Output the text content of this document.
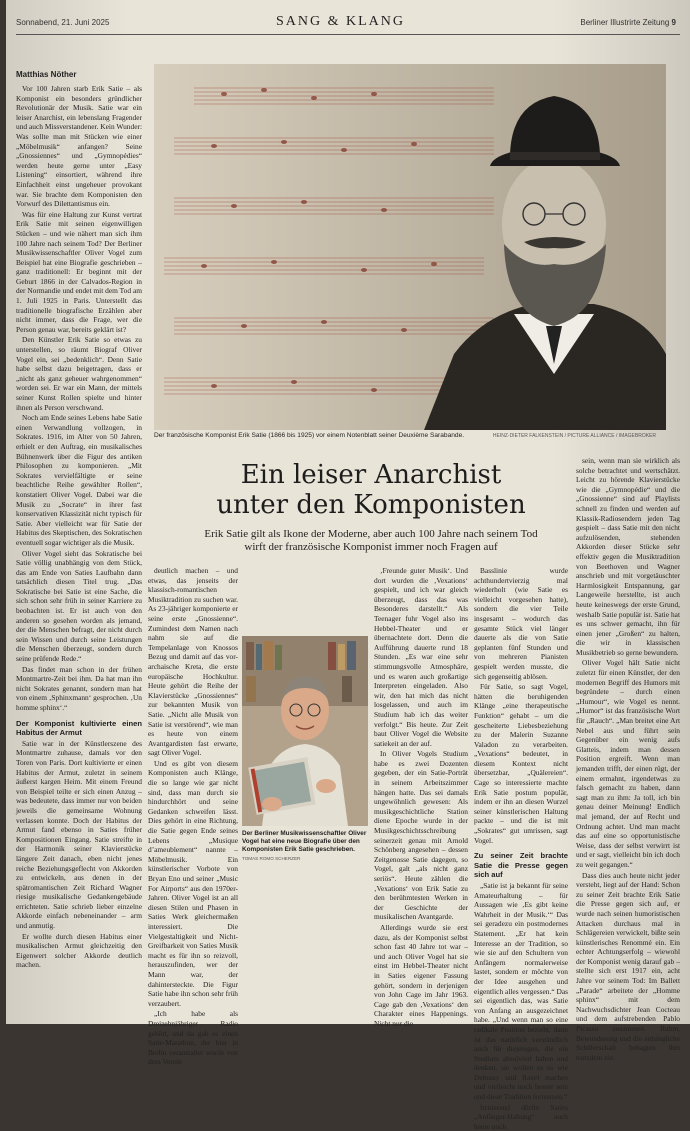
Sonnabend, 21. Juni 2025	SANG & KLANG	Berliner Illustrirte Zeitung 9
Matthias Nöther

Vor 100 Jahren starb Erik Satie – als Komponist ein besonders gründlicher Revolutionär der Musik. Satie war ein leiser Anarchist, ein lebenslang Fragender und auch Missverstandener. Kein Wunder: Was sollte man mit Stücken wie einer „Möbelmusik“ anfangen? Seine „Gnossiennes“ und „Gymnopédies“ werden heute gerne unter „Easy Listening“ einsortiert, während ihre Einfachheit einst ungeheuer provokant war. Sie brachte dem Komponisten den Vorwurf des Dilettantismus ein.

Was für eine Haltung zur Kunst vertrat Erik Satie mit seinen eigenwilligen Stücken – und wie nähert man sich ihm 100 Jahre nach seinem Tod? Der Berliner Musikwissenschaftler Oliver Vogel zum Beispiel hat eine Biografie geschrieben – ganz traditionell: Er beginnt mit der Geburt 1866 in der Calvados-Region in der Normandie und endet mit dem Tod am 1. Juli 1925 in Paris. Unterstellt das traditionelle biografische Erzählen aber nicht immer, dass die Frage, wer die Person genau war, bereits geklärt ist?

Den Künstler Erik Satie so etwas zu unterstellen, so räumt Biograf Oliver Vogel ein, sei „bedenklich“. Denn Satie habe selbst dazu beigetragen, dass er „nicht als ganz geheuer wahrgenommen“ worden sei. Er war ein Mann, der mittels seiner Kunst Rollen spielte und hinter ihnen als Person verschwand.

Noch am Ende seines Lebens habe Satie einen Verwandlung vollzogen, in Sokrates. 1916, im Alter von 50 Jahren, erhielt er den Auftrag, ein musikalisches Bühnenwerk über die Figur des antiken Philosophen zu komponieren. „Mit Sokrates vervielfältigte er seine beachtliche Reihe gewählter Rollen“, konstatiert Oliver Vogel. Dabei war die Musik zu „Socrate“ in ihrer fast konservativen Klassizität nicht typisch für Satie. Aber vielleicht war für Satie der Habitus des Skeptischen, des Sokratischen eventuell sogar wichtiger als die Musik.

Oliver Vogel sieht das Sokratische bei Satie völlig unabhängig von dem Stück, das am Ende von Saties Laufbahn dann tatsächlich diesen Titel trug. „Das Sokratische bei Satie ist eine Sache, die sich schon sehr früh in seiner Karriere zu beobachten ist. Er ist auch von den anderen so gesehen worden als jemand, der die Menschen befragt, der nicht durch sein Wissen und durch seine Leistungen die Menschen überzeugt, sondern durch seine prüfende Rede.“

Das findet man schon in der frühen Montmartre-Zeit bei ihm. Da hat man ihn nicht Sokrates genannt, sondern man hat von einem ‚Sphinxmann‘ gesprochen. ‚Un homme sphinx‘.“

Der Komponist kultivierte einen Habitus der Armut

Satie war in der Künstlerszene des Montmartre zuhause, damals vor den Toren von Paris. Dort kultivierte er einen Habitus der Armut, zuletzt in seinem äußerst kargen Heim. Mit einem Freund von Beispiel teilte er sich einen Anzug – was bedeutete, dass immer nur von beiden jeweils die gemeinsame Wohnung verlassen konnte. Doch der Habitus der Armut fand ebenso in Saties früher Kompositionen Eingang. Satie streifte in der Harmonik seiner Klavierstücke längere Zeit danach, eben nicht jenes reiche Beziehungsgeflecht von Akkorden zu entwickeln, aus denen in der spätromantischen Zeit Richard Wagner riesige musikalische Gedankengebäude errichteten. Satie schrieb lieber einzelne Akkorde einfach nebeneinander – arm und anmutig.

Er wollte durch diesen Habitus einer musikalischen Armut gleichzeitig den Eigenwert solcher Akkorde deutlich machen.

Der französische Komponist Erik Satie (1866 bis 1925) vor einem Notenblatt seiner Deuxième Sarabande.	HEINZ-DIETER FALKENSTEIN / PICTURE ALLIANCE / IMAGEBROKER
Ein leiser Anarchist
unter den Komponisten
Erik Satie gilt als Ikone der Moderne, aber auch 100 Jahre nach seinem Tod
wirft der französische Komponist immer noch Fragen auf

deutlich machen – und etwas, das jenseits der klassisch-romantischen Musiktradition zu suchen war. As 23-jähriger komponierte er seine erste „Gnossienne“. Zumindest dem Namen nach nahm sie auf die Tempelanlage von Knossos Bezug und damit auf das vor-archaische Kreta, die erste europäische Hochkultur. Heute gehört die Reihe der Klavierstücke „Gnossiennes“ zur bekannten Musik von Satie. „Nicht alle Musik von Satie ist verstörend“, wie man es heute von einem Avantgardisten fast erwarte, sagt Oliver Vogel.

Und es gibt von diesem Komponisten auch Klänge, die so lange wie gar nicht sind, dass man durch sie hindurchhört und seine Gedanken schweifen lässt. Dies gehört in eine Richtung, die Satie gegen Ende seines Lebens „Musique d’ameublement“ nannte – Möbelmusik. Ein künstlerischer Vorbote von Bryan Eno und seiner „Music For Airports“ aus den 1970er-Jahren. Oliver Vogel ist an all diesen Stilen und Phasen in Saties Werk gleichermaßen interessiert. Die Vielgestaltigkeit und Nicht-Greifbarkeit von Saties Musik macht es für ihn so reizvoll, herauszufinden, wer der Mann war, der dahintersteckte. Die Figur Satie habe ihn schon sehr früh verzaubert.

„Ich habe als Dreizehnjähriger Radio gehört, und da gab es einen Satie-Marathon, der hier in Berlin veranstaltet wurde von dem Verein

Der Berliner Musikwissenschaftler Oliver Vogel hat eine neue Biografie über den Komponisten Erik Satie geschrieben.
TOMAS ROMO SCHERZER

‚Freunde guter Musik‘. Und dort wurden die ‚Vexations‘ gespielt, und ich war gleich überzeugt, dass das was Besonderes darstellt.“ Als Teenager fuhr Vogel also ins Hebbel-Theater und er übernachtete dort. Denn die Aufführung dauerte rund 18 Stunden. „Es war eine sehr stimmungsvolle Atmosphäre, und es waren auch großartige Interpreten eingeladen. Also wir, den hat mich das nicht losgelassen, und auch im Studium hab ich das weiter verfolgt.“ Bis heute. Zur Zeit baut Oliver Vogel die Website satiekeit an der auf.

In Oliver Vogels Studium habe es zwei Dozenten gegeben, der ein Satie-Porträt in seinem Arbeitszimmer hängen hatte. Das sei damals ungewöhnlich gewesen: Als musikgeschichtliche Station diene Epoche wurde in der Musikgeschichtsschreibung seinerzeit genau mit Arnold Schönberg angesehen – dessen Zeitgenosse Satie dagegen, so Vogel, galt „als nicht ganz seriös“. Heute zählen die ‚Vexations‘ von Erik Satie zu den berühmtesten Werken in der Geschichte der musikalischen Avantgarde.

Allerdings wurde sie erst dazu, als der Komponist selbst schon fast 40 Jahre tot war – und auch Oliver Vogel hat sie einst im Hebbel-Theater nicht in Saties eigener Fassung gehört, sondern in derjenigen von John Cage im Jahr 1963. Cage gab den ‚Vexations‘ den Charakter eines Happenings. Nicht nur die

Basslinie wurde achthundertvierzig mal wiederholt (wie Satie es vielleicht vorgesehen hatte), sondern die vier Teile insgesamt – wodurch das gesamte Stück viel länger dauerte als die von Satie geplanten fünf Stunden und von mehreren Pianisten gespielt werden musste, die sich gegenseitig ablösen.

Für Satie, so sagt Vogel, hätten die beruhigenden Klänge „eine therapeutische Funktion“ gehabt – um die gescheiterte Liebesbeziehung zu der Malerin Suzanne Valadon zu verarbeiten. „Vexations“ bedeutet, in diesem Kontext nicht übersetzbar, „Quälereien“. Cage so interessierte machte Erik Satie postum populär, indem er ihn an diesen Wurzel seiner künstlerischen Haltung packte – und die ist mit „Sokrates“ gut umrissen, sagt Vogel.

Zu seiner Zeit brachte Satie die Presse gegen sich auf

„Satie ist ja bekannt für seine Amateurhaltung – für Aussagen wie ‚Es gibt keine Wahrheit in der Musik.‘“ Das sei geradezu ein postmodernes Statement. „Er hat kein Interesse an der Tradition, so wie sie auf den Schultern von Anfängern normalerweise lastet, sondern er möchte von der Idee ausgehen und eigentlich alles vergessen.“ Das sei eigentlich das, was Satie von Anfang an ausgezeichnet habe. „Und wenn man so eine radikale Position bezieht, dann ist das natürlich verständlich auch für diejenigen, die ein Studium absolviert haben und denken, sie wollen es so wie Debussy und Ravel machen und vielleicht noch besser sein und diese Tradition fortsetzen.“

Irritierend dürfte Saties „Anfänger-Haltung“ auch heute noch

sein, wenn man sie wirklich als solche betrachtet und wertschätzt. Leicht zu hörende Klavierstücke wie die „Gymnopédie“ und die „Gnossienne“ sind auf Playlists schnell zu finden und werden auf Klassik-Radiosendern jeden Tag gespielt – dass Satie mit den nicht aufzulösenden, stehenden Akkorden dieser Stücke sehr effektiv gegen die Musiktradition von Beethoven und Wagner anschrieb und mit vorgetäuschter Harmlosigkeit Entspannung, gar Langeweile herstellte, ist auch heute keineswegs der erste Grund, weshalb Satie populär ist. Satie hat es uns schwer gemacht, ihn für einen jener „Großen“ zu halten, die wir in klassischen Musikbetrieb so gerne bewundern.

Oliver Vogel hält Satie nicht zuletzt für einen Künstler, der den modernen Begriff des Humors mit begründete – durch einen „Humour“, wie Vogel es nennt. „Humor“ ist das französische Wort für „Rauch“. „Man breitet eine Art Nebel aus und führt sein Gegenüber ein wenig aufs Glatteis, indem man dessen Position ergreift. Wenn man jemanden trifft, der einen rügt, der einem ermahnt, irgendetwas zu falsch gemacht zu haben, dann sagt man zu ihm: Ja toll, ich bin genau deiner Meinung! Endlich mal jemand, der auf Recht und Ordnung achtet. Und man macht das auf eine so opportunistische Weise, dass der selbst verwirrt ist und er sagt, vielleicht bin ich doch zu weit gegangen.“

Dass dies auch heute nicht jeder versteht, liegt auf der Hand: Schon zu seiner Zeit brachte Erik Satie die Presse gegen sich auf, er wurde nach seinen humoristischen Attacken durchaus mal in Schlägereien verwickelt, bißte sein künstlerisches Renommé ein. Ein echter Achtungserfolg – wiewohl der Komponist wenig darauf gab – stellte sich erst 1917 ein, acht Jahre vor seinem Tod: Im Ballett „Parade“ arbeitete der „Homme sphinx“ mit dem Nachwuchsdichter Jean Cocteau und dem aufstrebenden Pablo Picasso zusammen. Ruhm, Bewunderung und die anhängliche Schülerschaft behagten ihm trotzdem nie.
